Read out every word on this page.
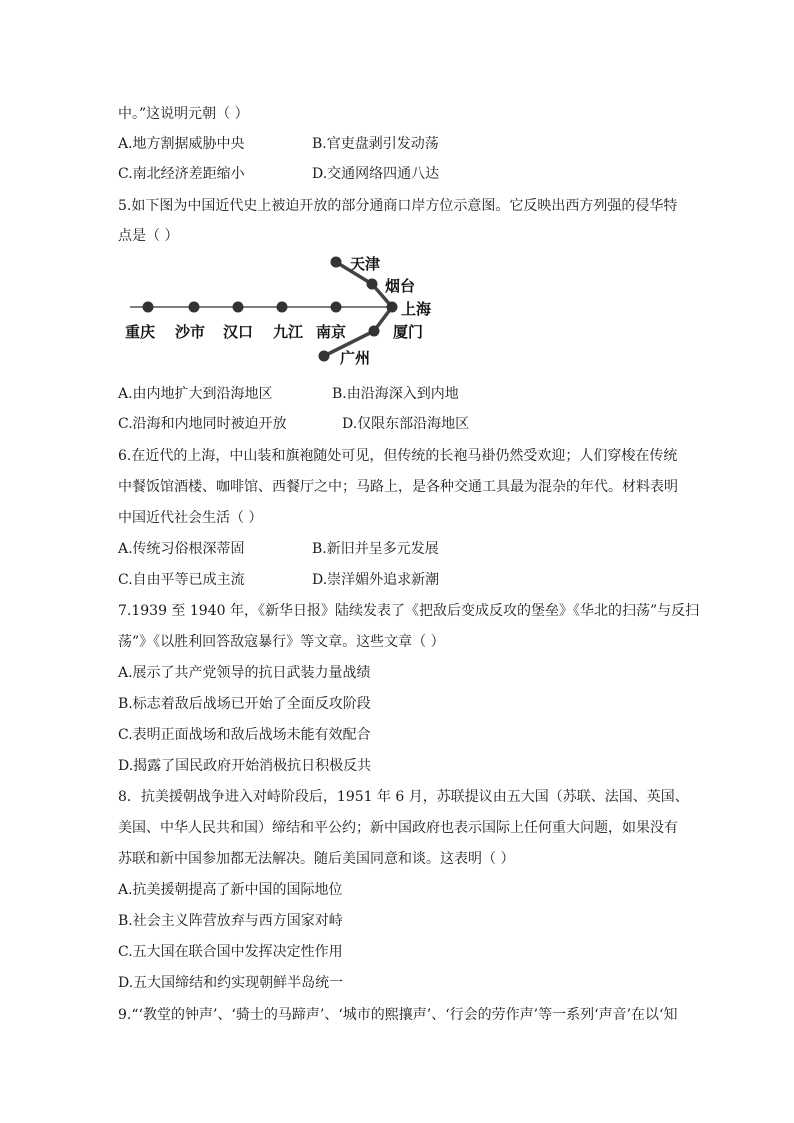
中。”这说明元朝（ ）
A.地方割据威胁中央	B.官吏盘剥引发动荡
C.南北经济差距缩小	D.交通网络四通八达
5.如下图为中国近代史上被迫开放的部分通商口岸方位示意图。它反映出西方列强的侵华特
点是（ ）
重庆 沙市 汉口 九江 南京
天津
烟台
上海
厦门
广州
A.由内地扩大到沿海地区	B.由沿海深入到内地
C.沿海和内地同时被迫开放	D.仅限东部沿海地区
6.在近代的上海，中山装和旗袍随处可见，但传统的长袍马褂仍然受欢迎；人们穿梭在传统
中餐饭馆酒楼、咖啡馆、西餐厅之中；马路上，是各种交通工具最为混杂的年代。材料表明
中国近代社会生活（ ）
A.传统习俗根深蒂固	B.新旧并呈多元发展
C.自由平等已成主流	D.崇洋媚外追求新潮
7.1939 至 1940 年，《新华日报》陆续发表了《把敌后变成反攻的堡垒》《华北的扫荡”与反扫
荡”》《以胜利回答敌寇暴行》等文章。这些文章（ ）
A.展示了共产党领导的抗日武装力量战绩
B.标志着敌后战场已开始了全面反攻阶段
C.表明正面战场和敌后战场未能有效配合
D.揭露了国民政府开始消极抗日积极反共
8．抗美援朝战争进入对峙阶段后，1951 年 6 月，苏联提议由五大国（苏联、法国、英国、
美国、中华人民共和国）缔结和平公约；新中国政府也表示国际上任何重大问题，如果没有
苏联和新中国参加都无法解决。随后美国同意和谈。这表明（ ）
A.抗美援朝提高了新中国的国际地位
B.社会主义阵营放弃与西方国家对峙
C.五大国在联合国中发挥决定性作用
D.五大国缔结和约实现朝鲜半岛统一
9.“‘教堂的钟声’、‘骑士的马蹄声’、‘城市的熙攘声’、‘行会的劳作声’等一系列‘声音’在以‘知
